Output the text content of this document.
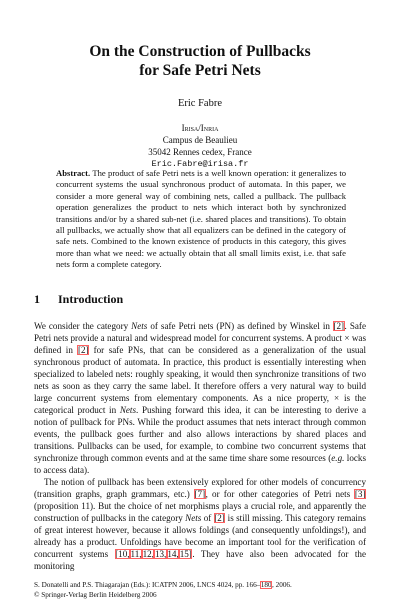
On the Construction of Pullbacks
for Safe Petri Nets
Eric Fabre
Irisa/Inria
Campus de Beaulieu
35042 Rennes cedex, France
Eric.Fabre@irisa.fr
Abstract. The product of safe Petri nets is a well known operation: it generalizes to concurrent systems the usual synchronous product of automata. In this paper, we consider a more general way of combining nets, called a pullback. The pullback operation generalizes the product to nets which interact both by synchronized transitions and/or by a shared sub-net (i.e. shared places and transitions). To obtain all pullbacks, we actually show that all equalizers can be defined in the category of safe nets. Combined to the known existence of products in this category, this gives more than what we need: we actually obtain that all small limits exist, i.e. that safe nets form a complete category.
1 Introduction

We consider the category Nets of safe Petri nets (PN) as defined by Winskel in [2]. Safe Petri nets provide a natural and widespread model for concurrent systems. A product × was defined in [2] for safe PNs, that can be considered as a generalization of the usual synchronous product of automata. In practice, this product is essentially interesting when specialized to labeled nets: roughly speaking, it would then synchronize transitions of two nets as soon as they carry the same label. It therefore offers a very natural way to build large concurrent systems from elementary components. As a nice property, × is the categorical product in Nets. Pushing forward this idea, it can be interesting to derive a notion of pullback for PNs. While the product assumes that nets interact through common events, the pullback goes further and also allows interactions by shared places and transitions. Pullbacks can be used, for example, to combine two concurrent systems that synchronize through common events and at the same time share some resources (e.g. locks to access data).

The notion of pullback has been extensively explored for other models of concurrency (transition graphs, graph grammars, etc.) [7], or for other categories of Petri nets [3] (proposition 11). But the choice of net morphisms plays a crucial role, and apparently the construction of pullbacks in the category Nets of [2] is still missing. This category remains of great interest however, because it allows foldings (and consequently unfoldings!), and already has a product. Unfoldings have become an important tool for the verification of concurrent systems [10,11,12,13,14,15]. They have also been advocated for the monitoring

S. Donatelli and P.S. Thiagarajan (Eds.): ICATPN 2006, LNCS 4024, pp. 166–180, 2006.
© Springer-Verlag Berlin Heidelberg 2006
